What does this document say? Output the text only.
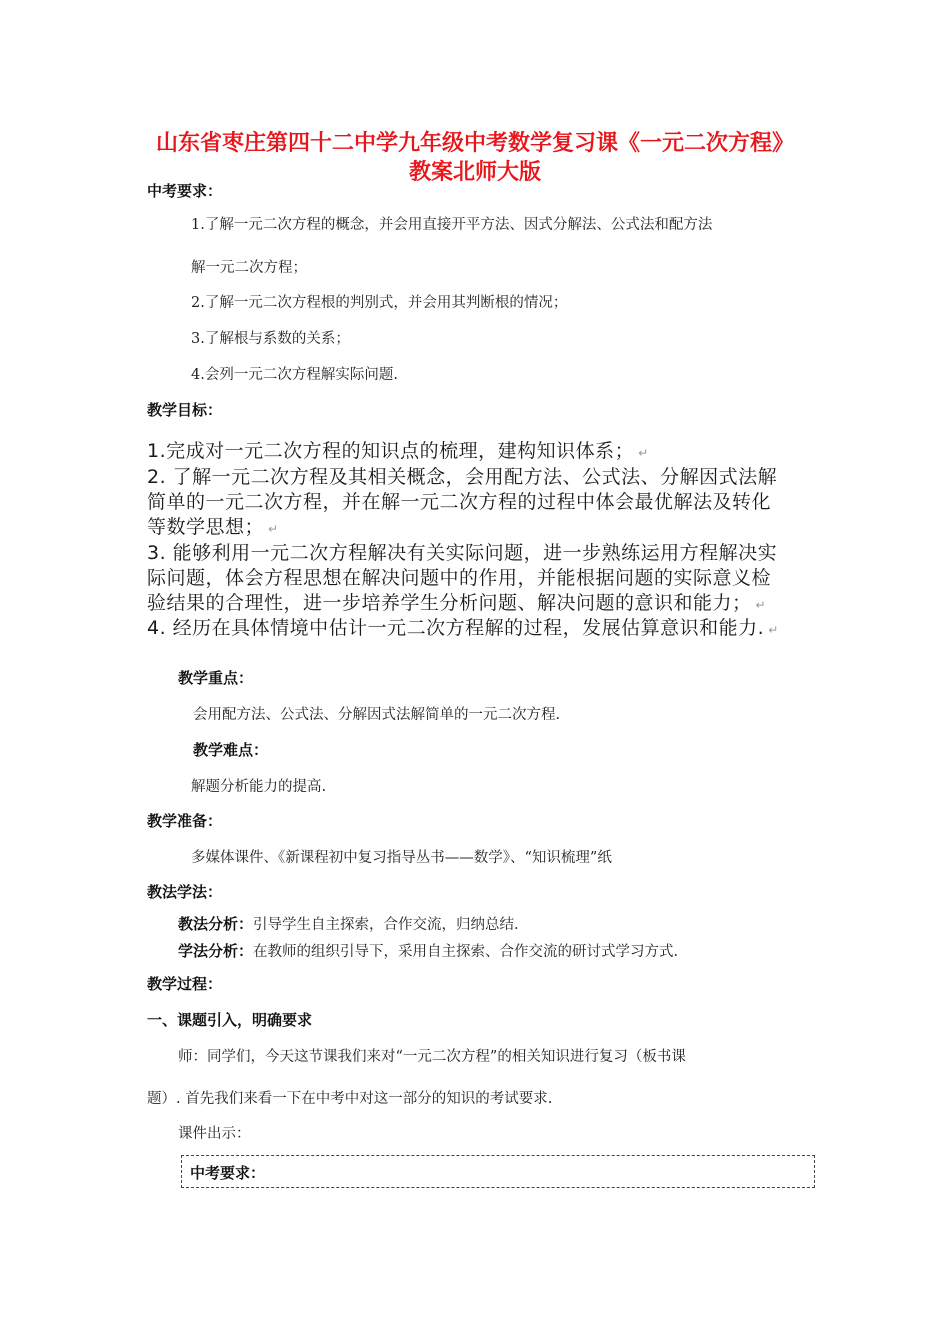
山东省枣庄第四十二中学九年级中考数学复习课《一元二次方程》
教案北师大版
中考要求：
1.了解一元二次方程的概念，并会用直接开平方法、因式分解法、公式法和配方法
解一元二次方程；
2.了解一元二次方程根的判别式，并会用其判断根的情况；
3.了解根与系数的关系；
4.会列一元二次方程解实际问题.
教学目标：
1.完成对一元二次方程的知识点的梳理，建构知识体系； ↵
2. 了解一元二次方程及其相关概念，会用配方法、公式法、分解因式法解
简单的一元二次方程，并在解一元二次方程的过程中体会最优解法及转化
等数学思想； ↵
3. 能够利用一元二次方程解决有关实际问题，进一步熟练运用方程解决实
际问题，体会方程思想在解决问题中的作用，并能根据问题的实际意义检
验结果的合理性，进一步培养学生分析问题、解决问题的意识和能力； ↵
4. 经历在具体情境中估计一元二次方程解的过程，发展估算意识和能力. ↵
教学重点：
会用配方法、公式法、分解因式法解简单的一元二次方程.
教学难点：
解题分析能力的提高.
教学准备：
多媒体课件、《新课程初中复习指导丛书——数学》、“知识梳理”纸
教法学法：
教法分析：引导学生自主探索，合作交流，归纳总结.
学法分析：在教师的组织引导下，采用自主探索、合作交流的研讨式学习方式.
教学过程：
一、课题引入，明确要求
师：同学们，今天这节课我们来对“一元二次方程”的相关知识进行复习（板书课
题）. 首先我们来看一下在中考中对这一部分的知识的考试要求.
课件出示：
中考要求：
